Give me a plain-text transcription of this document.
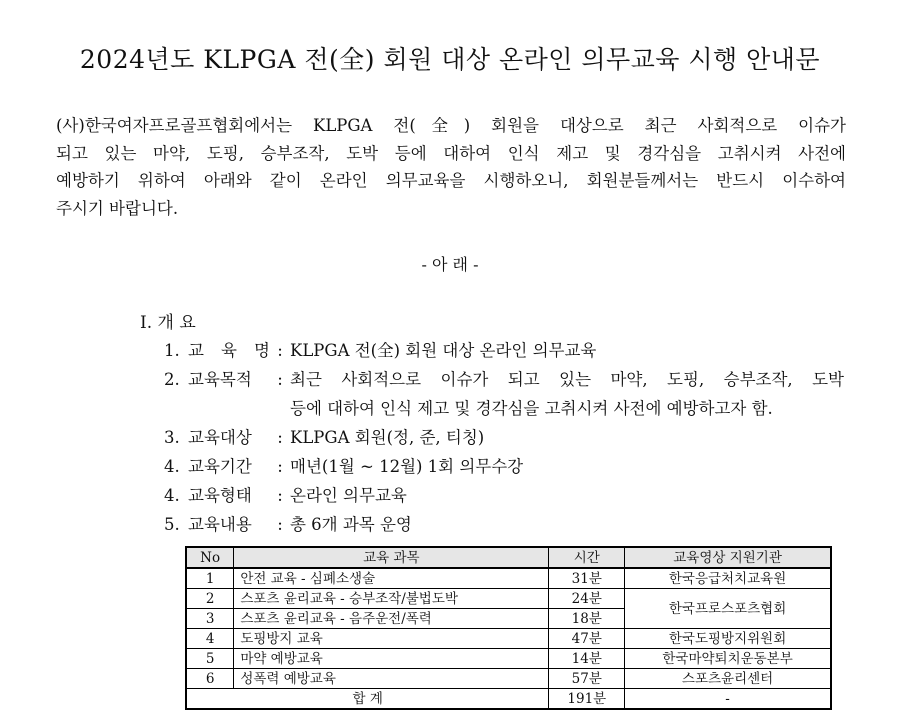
2024년도 KLPGA 전(全) 회원 대상 온라인 의무교육 시행 안내문
(사)한국여자프로골프협회에서는 KLPGA 전(全) 회원을 대상으로 최근 사회적으로 이슈가
되고 있는 마약, 도핑, 승부조작, 도박 등에 대하여 인식 제고 및 경각심을 고취시켜 사전에
예방하기 위하여 아래와 같이 온라인 의무교육을 시행하오니, 회원분들께서는 반드시 이수하여
주시기 바랍니다.
- 아 래 -
Ⅰ. 개 요
1. 교 육 명 : KLPGA 전(全) 회원 대상 온라인 의무교육
2. 교육목적	: 최근 사회적으로 이슈가 되고 있는 마약, 도핑, 승부조작, 도박
등에 대하여 인식 제고 및 경각심을 고취시켜 사전에 예방하고자 함.
3. 교육대상	: KLPGA 회원(정, 준, 티칭)
4. 교육기간	: 매년(1월 ~ 12월) 1회 의무수강
4. 교육형태	: 온라인 의무교육
5. 교육내용	: 총 6개 과목 운영
No	교육 과목	시간	교육영상 지원기관
1	안전 교육 - 심폐소생술	31분	한국응급처치교육원
2	스포츠 윤리교육 - 승부조작/불법도박	24분	한국프로스포츠협회
3	스포츠 윤리교육 - 음주운전/폭력	18분	
4	도핑방지 교육	47분	한국도핑방지위원회
5	마약 예방교육	14분	한국마약퇴치운동본부
6	성폭력 예방교육	57분	스포츠윤리센터
합 계		191분	-
